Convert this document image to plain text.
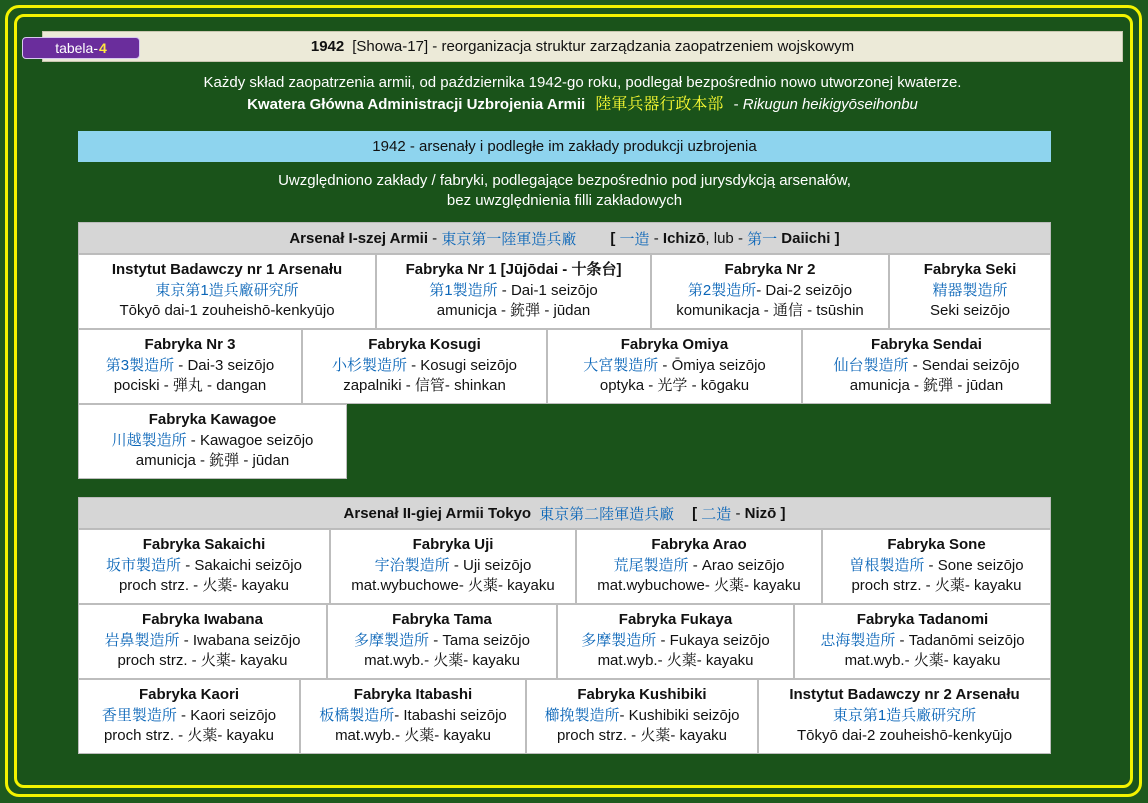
1942 [Showa-17] - reorganizacja struktur zarządzania zaopatrzeniem wojskowym
tabela- 4
Każdy skład zaopatrzenia armii, od października 1942-go roku, podlegał bezpośrednio nowo utworzonej kwaterze.
Kwatera Główna Administracji Uzbrojenia Armii 陸軍兵器行政本部 - Rikugun heikigyōseihonbu
1942 - arsenały i podległe im zakłady produkcji uzbrojenia
Uwzględniono zakłady / fabryki, podlegające bezpośrednio pod jurysdykcją arsenałów,
bez uwzględnienia filli zakładowych
Arsenał I-szej Armii - 東京第一陸軍造兵廠 [ 一造 - Ichizō , lub - 第一
Daiichi ]
Instytut Badawczy nr 1 Arsenału
東京第1造兵廠研究所
Tōkyō dai-1 zouheishō-kenkyūjo
Fabryka Nr 1 [Jūjōdai - 十条台]
第1製造所 - Dai-1 seizōjo
amunicja - 銃弾 - jūdan
Fabryka Nr 2
第2製造所- Dai-2 seizōjo
komunikacja - 通信 - tsūshin
Fabryka Seki
精器製造所
Seki seizōjo
Fabryka Nr 3
第3製造所 - Dai-3 seizōjo
pociski - 弾丸 - dangan
Fabryka Kosugi
小杉製造所 - Kosugi seizōjo
zapalniki - 信管- shinkan
Fabryka Omiya
大宮製造所 - Ōmiya seizōjo
optyka - 光学 - kōgaku
Fabryka Sendai
仙台製造所 - Sendai seizōjo
amunicja - 銃弾 - jūdan
Fabryka Kawagoe
川越製造所 - Kawagoe seizōjo
amunicja - 銃弾 - jūdan
Arsenał II-giej Armii Tokyo 東京第二陸軍造兵廠 [ 二造 - Nizō ]
Fabryka Sakaichi
坂市製造所 - Sakaichi seizōjo
proch strz. - 火薬- kayaku
Fabryka Uji
宇治製造所 - Uji seizōjo
mat.wybuchowe- 火薬- kayaku
Fabryka Arao
荒尾製造所 - Arao seizōjo
mat.wybuchowe- 火薬- kayaku
Fabryka Sone
曽根製造所 - Sone seizōjo
proch strz. - 火薬- kayaku
Fabryka Iwabana
岩鼻製造所 - Iwabana seizōjo
proch strz. - 火薬- kayaku
Fabryka Tama
多摩製造所 - Tama seizōjo
mat.wyb.- 火薬- kayaku
Fabryka Fukaya
多摩製造所 - Fukaya seizōjo
mat.wyb.- 火薬- kayaku
Fabryka Tadanomi
忠海製造所 - Tadanōmi seizōjo
mat.wyb.- 火薬- kayaku
Fabryka Kaori
香里製造所 - Kaori seizōjo
proch strz. - 火薬- kayaku
Fabryka Itabashi
板橋製造所- Itabashi seizōjo
mat.wyb.- 火薬- kayaku
Fabryka Kushibiki
櫛挽製造所- Kushibiki seizōjo
proch strz. - 火薬- kayaku
Instytut Badawczy nr 2 Arsenału
東京第1造兵廠研究所
Tōkyō dai-2 zouheishō-kenkyūjo
